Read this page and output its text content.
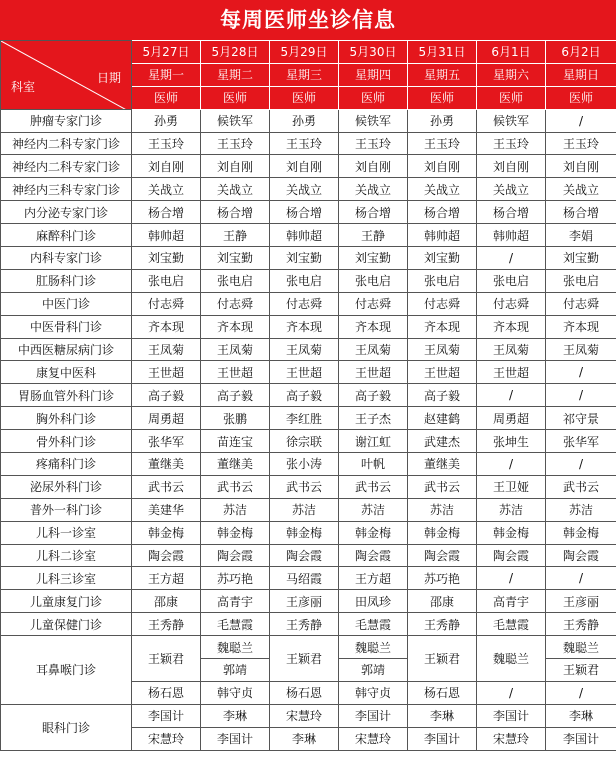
每周医师坐诊信息
科室
日期	5月27日	5月28日	5月29日	5月30日	5月31日	6月1日	6月2日
	星期一	星期二	星期三	星期四	星期五	星期六	星期日
	医师	医师	医师	医师	医师	医师	医师
肿瘤专家门诊	孙勇	候铁军	孙勇	候铁军	孙勇	候铁军	/
神经内二科专家门诊	王玉玲	王玉玲	王玉玲	王玉玲	王玉玲	王玉玲	王玉玲
神经内二科专家门诊	刘自刚	刘自刚	刘自刚	刘自刚	刘自刚	刘自刚	刘自刚
神经内三科专家门诊	关战立	关战立	关战立	关战立	关战立	关战立	关战立
内分泌专家门诊	杨合增	杨合增	杨合增	杨合增	杨合增	杨合增	杨合增
麻醉科门诊	韩帅超	王静	韩帅超	王静	韩帅超	韩帅超	李娟
内科专家门诊	刘宝勤	刘宝勤	刘宝勤	刘宝勤	刘宝勤	/	刘宝勤
肛肠科门诊	张电启	张电启	张电启	张电启	张电启	张电启	张电启
中医门诊	付志舜	付志舜	付志舜	付志舜	付志舜	付志舜	付志舜
中医骨科门诊	齐本现	齐本现	齐本现	齐本现	齐本现	齐本现	齐本现
中西医糖尿病门诊	王凤菊	王凤菊	王凤菊	王凤菊	王凤菊	王凤菊	王凤菊
康复中医科	王世超	王世超	王世超	王世超	王世超	王世超	/
胃肠血管外科门诊	高子毅	高子毅	高子毅	高子毅	高子毅	/	/
胸外科门诊	周勇超	张鹏	李红胜	王子杰	赵建鹤	周勇超	祁守景
骨外科门诊	张华军	苗连宝	徐宗联	谢江虹	武建杰	张坤生	张华军
疼痛科门诊	董继美	董继美	张小涛	叶帆	董继美	/	/
泌尿外科门诊	武书云	武书云	武书云	武书云	武书云	王卫娅	武书云
普外一科门诊	美建华	苏洁	苏洁	苏洁	苏洁	苏洁	苏洁
儿科一诊室	韩金梅	韩金梅	韩金梅	韩金梅	韩金梅	韩金梅	韩金梅
儿科二诊室	陶会霞	陶会霞	陶会霞	陶会霞	陶会霞	陶会霞	陶会霞
儿科三诊室	王方超	苏巧艳	马绍霞	王方超	苏巧艳	/	/
儿童康复门诊	邵康	高青宇	王彦丽	田凤珍	邵康	高青宇	王彦丽
儿童保健门诊	王秀静	毛慧霞	王秀静	毛慧霞	王秀静	毛慧霞	王秀静
耳鼻喉门诊	王颖君	魏聪兰	王颖君	魏聪兰	王颖君	魏聪兰	魏聪兰
		郭靖		郭靖			王颖君
	杨石恩	韩守贞	杨石恩	韩守贞	杨石恩	/	/
眼科门诊	李国计	李琳	宋慧玲	李国计	李琳	李国计	李琳
	宋慧玲	李国计	李琳	宋慧玲	李国计	宋慧玲	李国计
